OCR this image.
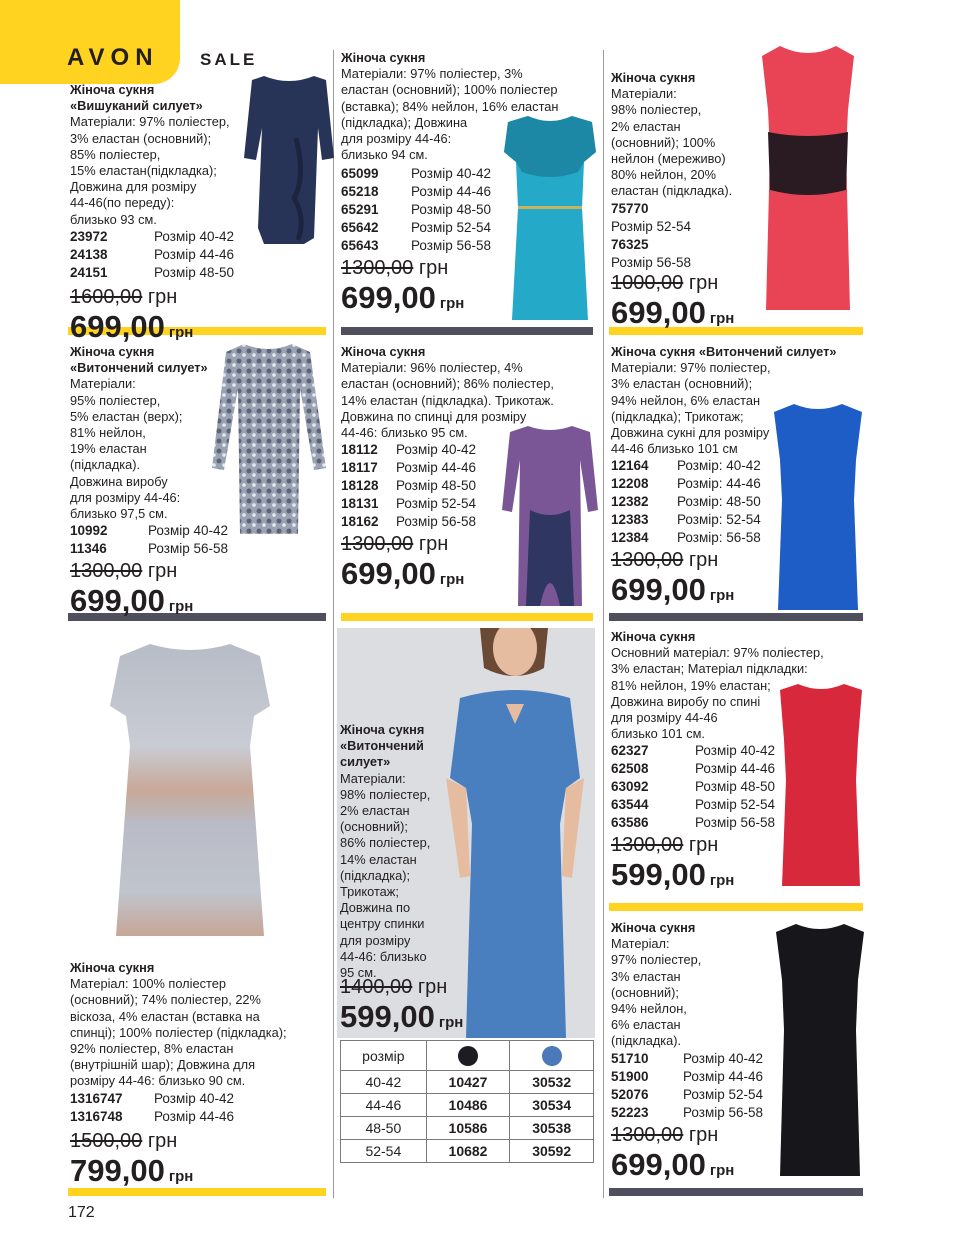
AVON SALE
Жіноча сукня
«Вишуканий силует»
Матеріали: 97% поліестер,
3% еластан (основний);
85% поліестер,
15% еластан(підкладка);
Довжина для розміру
44-46(по переду):
близько 93 см.
23972	Розмір 40-42
24138	Розмір 44-46
24151	Розмір 48-50
1600,00 грн
699,00 грн
Жіноча сукня
Матеріали: 97% поліестер, 3%
еластан (основний); 100% поліестер
(вставка); 84% нейлон, 16% еластан
(підкладка); Довжина
для розміру 44-46:
близько 94 см.
65099	Розмір 40-42
65218	Розмір 44-46
65291	Розмір 48-50
65642	Розмір 52-54
65643	Розмір 56-58
1300,00 грн
699,00 грн
Жіноча сукня
Матеріали:
98% поліестер,
2% еластан
(основний); 100%
нейлон (мереживо)
80% нейлон, 20%
еластан (підкладка).
75770
Розмір 52-54
76325
Розмір 56-58
1000,00 грн
699,00 грн
Жіноча сукня
«Витончений силует»
Матеріали:
95% поліестер,
5% еластан (верх);
81% нейлон,
19% еластан
(підкладка).
Довжина виробу
для розміру 44-46:
близько 97,5 см.
10992	Розмір 40-42
11346	Розмір 56-58
1300,00 грн
699,00 грн
Жіноча сукня
Матеріали: 96% поліестер, 4%
еластан (основний); 86% поліестер,
14% еластан (підкладка). Трикотаж.
Довжина по спинці для розміру
44-46: близько 95 см.
18112	Розмір 40-42
18117	Розмір 44-46
18128	Розмір 48-50
18131	Розмір 52-54
18162	Розмір 56-58
1300,00 грн
699,00 грн
Жіноча сукня «Витончений силует»
Матеріали: 97% поліестер,
3% еластан (основний);
94% нейлон, 6% еластан
(підкладка); Трикотаж;
Довжина сукні для розміру
44-46 близько 101 см
12164	Розмір: 40-42
12208	Розмір: 44-46
12382	Розмір: 48-50
12383	Розмір: 52-54
12384	Розмір: 56-58
1300,00 грн
699,00 грн
Жіноча сукня
Матеріал: 100% поліестер
(основний); 74% поліестер, 22%
віскоза, 4% еластан (вставка на
спинці); 100% поліестер (підкладка);
92% поліестер, 8% еластан
(внутрішній шар); Довжина для
розміру 44-46: близько 90 см.
1316747	Розмір 40-42
1316748	Розмір 44-46
1500,00 грн
799,00 грн
Жіноча сукня
«Витончений
силует»
Матеріали:
98% поліестер,
2% еластан
(основний);
86% поліестер,
14% еластан
(підкладка);
Трикотаж;
Довжина по
центру спинки
для розміру
44-46: близько
95 см.
1400,00 грн
599,00 грн
розмір		
40-42	10427	30532
44-46	10486	30534
48-50	10586	30538
52-54	10682	30592
Жіноча сукня
Основний матеріал: 97% поліестер,
3% еластан; Матеріал підкладки:
81% нейлон, 19% еластан;
Довжина виробу по спині
для розміру 44-46
близько 101 см.
62327	Розмір 40-42
62508	Розмір 44-46
63092	Розмір 48-50
63544	Розмір 52-54
63586	Розмір 56-58
1300,00 грн
599,00 грн
Жіноча сукня
Матеріал:
97% поліестер,
3% еластан
(основний);
94% нейлон,
6% еластан
(підкладка).
51710	Розмір 40-42
51900	Розмір 44-46
52076	Розмір 52-54
52223	Розмір 56-58
1300,00 грн
699,00 грн
172
